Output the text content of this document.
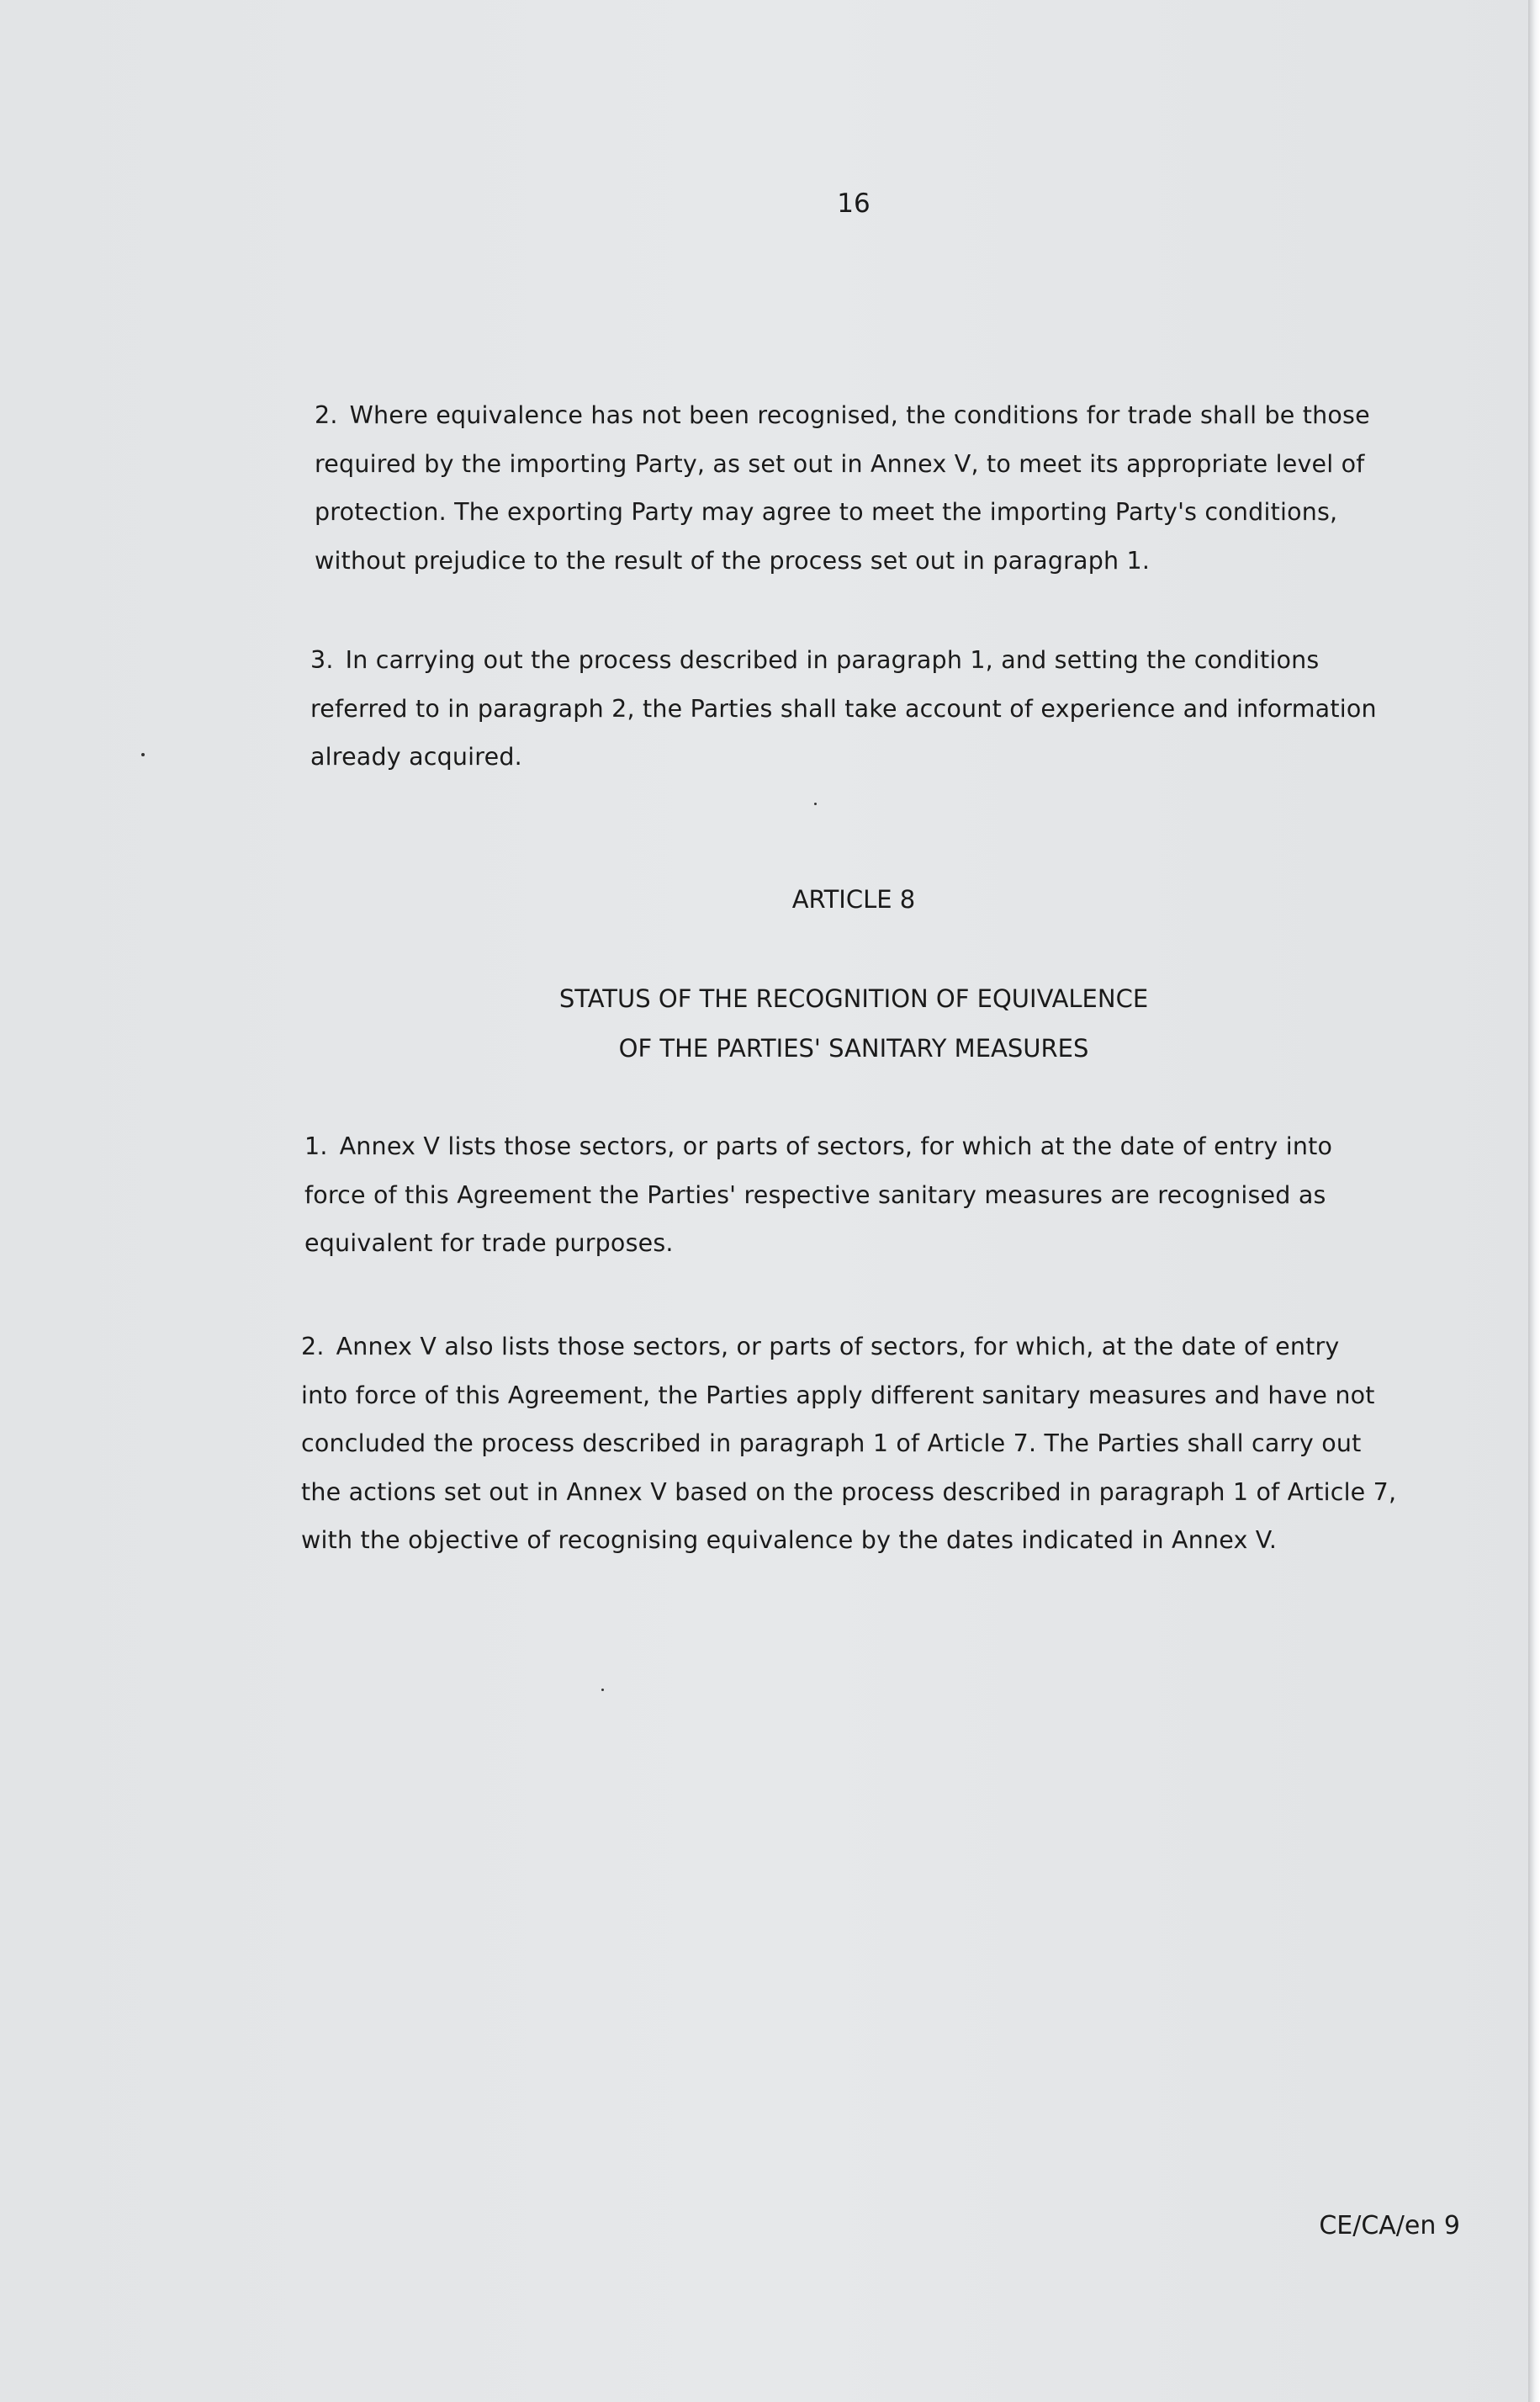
16
2. Where equivalence has not been recognised, the conditions for trade shall be those
required by the importing Party, as set out in Annex V, to meet its appropriate level of
protection. The exporting Party may agree to meet the importing Party's conditions,
without prejudice to the result of the process set out in paragraph 1.
3. In carrying out the process described in paragraph 1, and setting the conditions
referred to in paragraph 2, the Parties shall take account of experience and information
already acquired.
ARTICLE 8
STATUS OF THE RECOGNITION OF EQUIVALENCE
OF THE PARTIES' SANITARY MEASURES
1. Annex V lists those sectors, or parts of sectors, for which at the date of entry into
force of this Agreement the Parties' respective sanitary measures are recognised as
equivalent for trade purposes.
2. Annex V also lists those sectors, or parts of sectors, for which, at the date of entry
into force of this Agreement, the Parties apply different sanitary measures and have not
concluded the process described in paragraph 1 of Article 7. The Parties shall carry out
the actions set out in Annex V based on the process described in paragraph 1 of Article 7,
with the objective of recognising equivalence by the dates indicated in Annex V.
CE/CA/en 9
